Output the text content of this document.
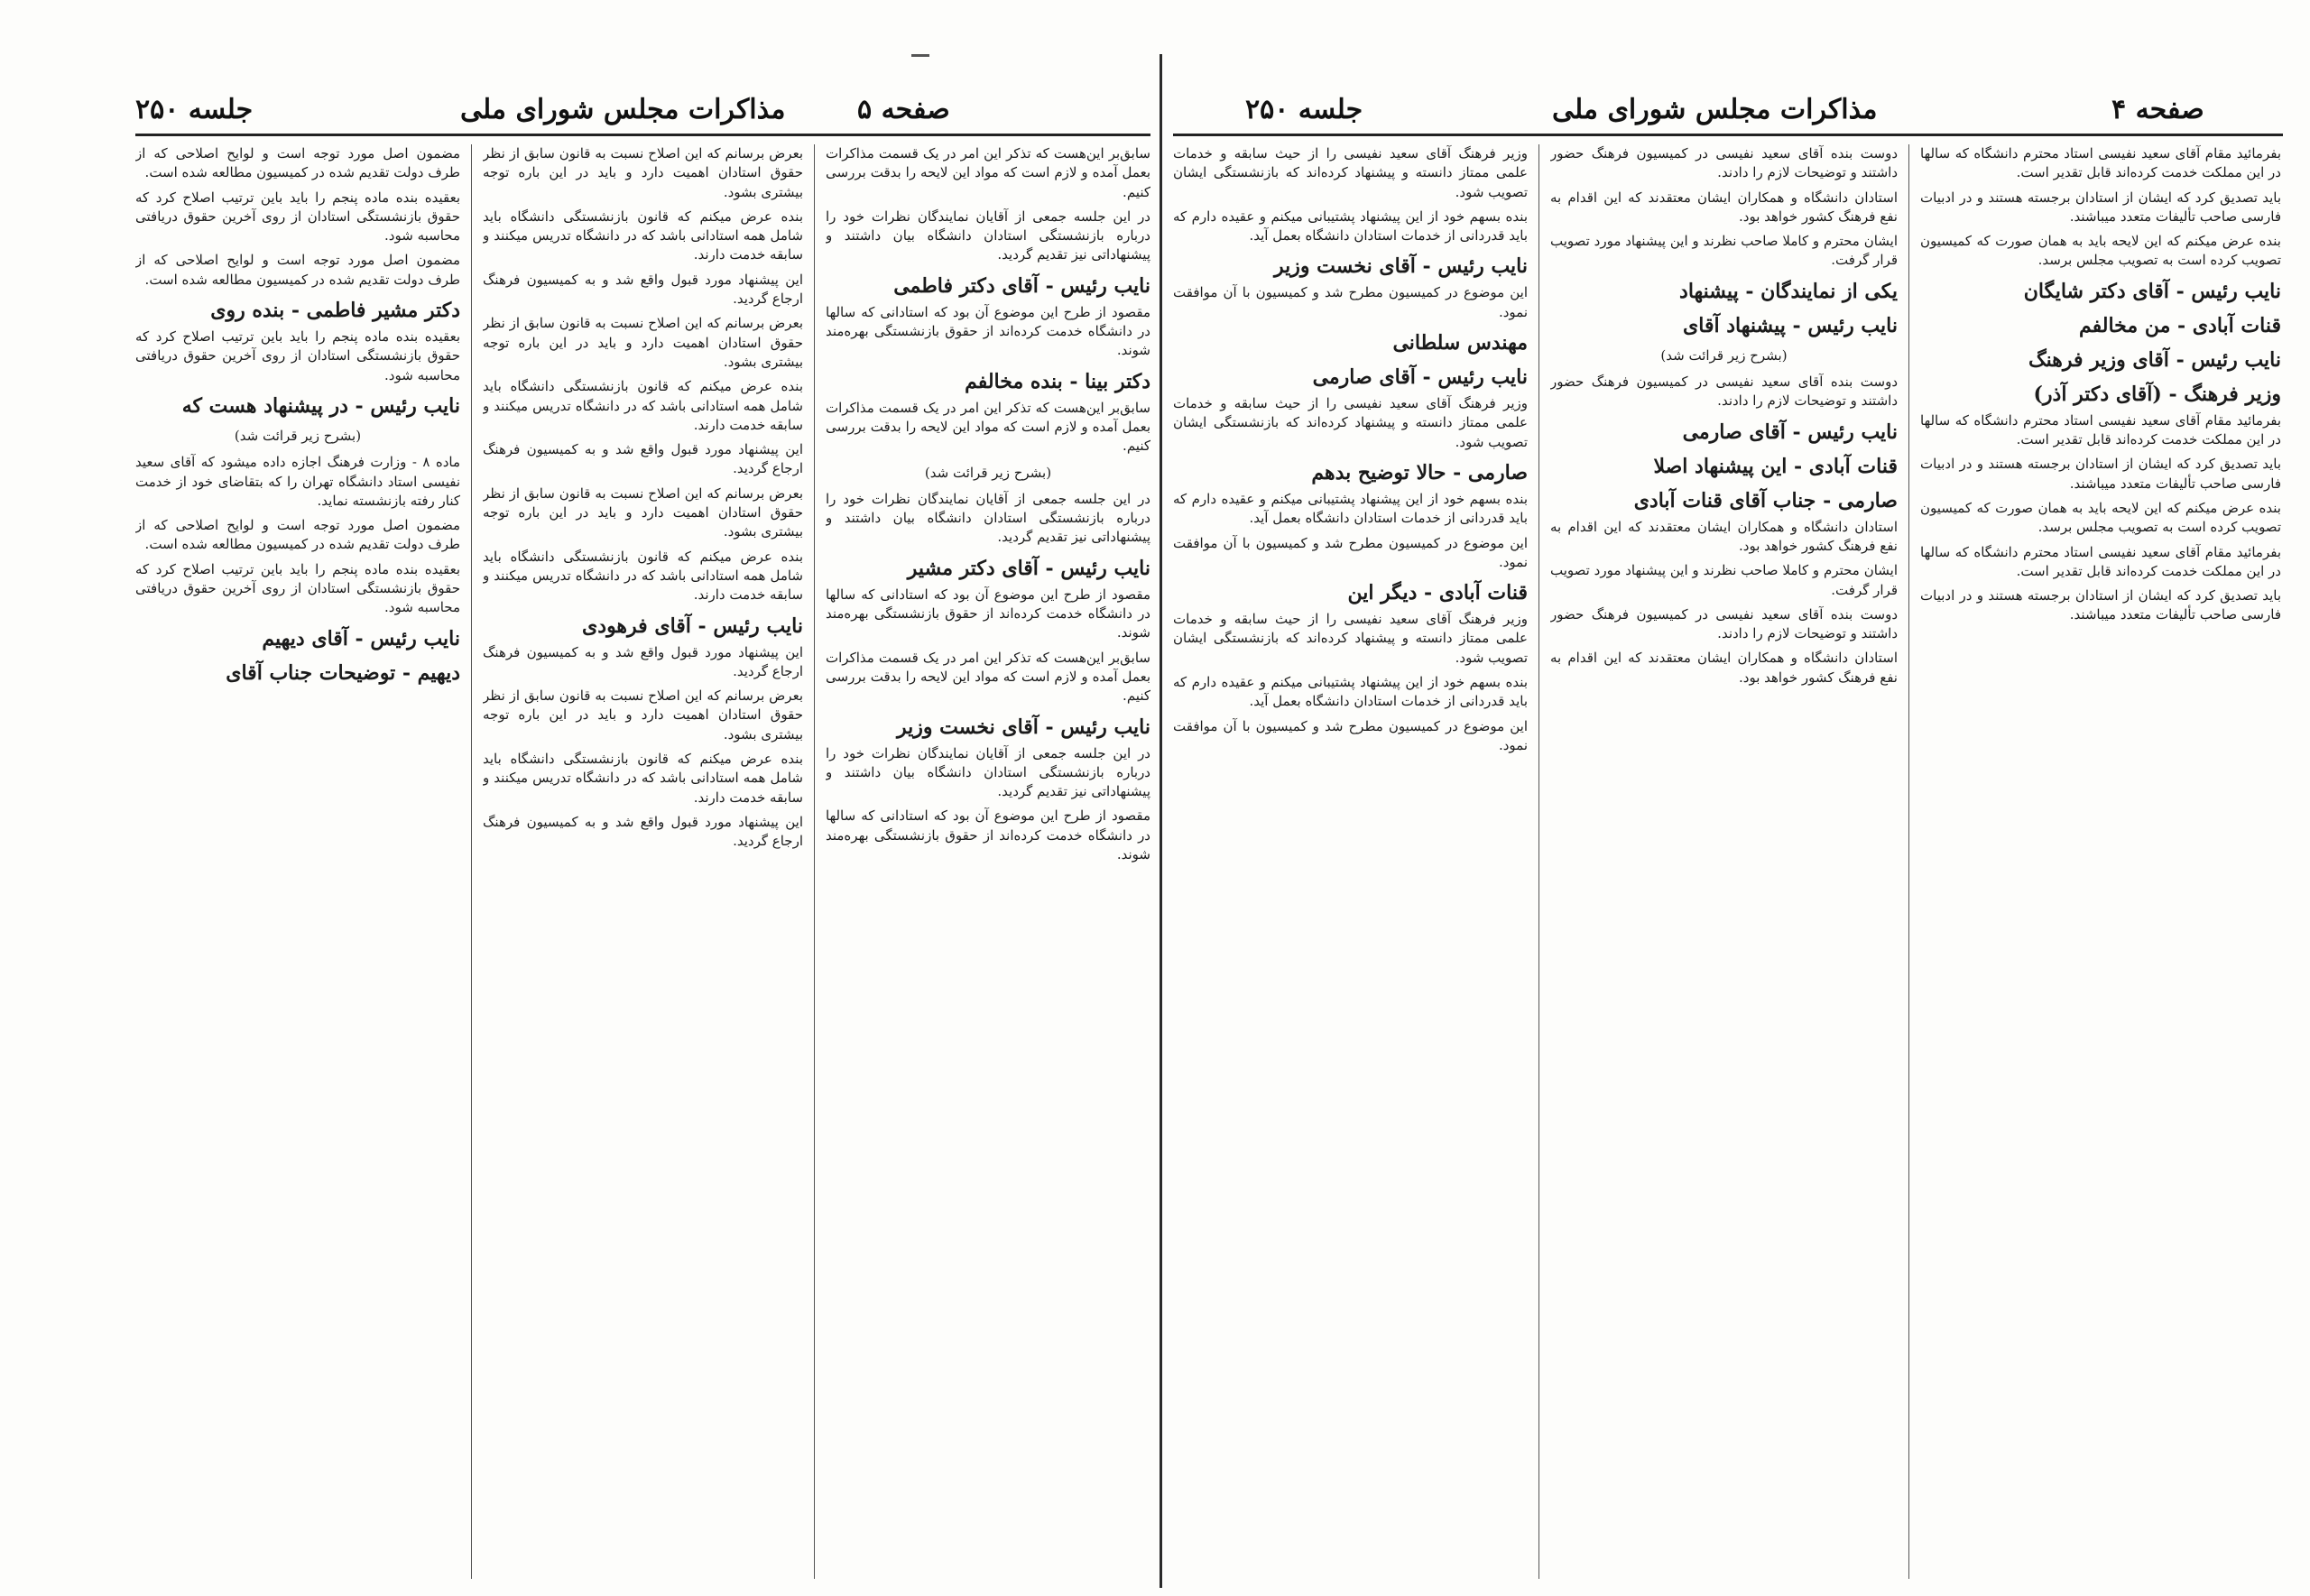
جلسه ۲۵۰	مذاکرات مجلس شورای ملی	صفحه ۵

سابق‌بر این‌هست که تذکر این امر در یک قسمت مذاکرات بعمل آمده و لازم است که مواد این لایحه را بدقت بررسی کنیم.

در این جلسه جمعی از آقایان نمایندگان نظرات خود را درباره بازنشستگی استادان دانشگاه بیان داشتند و پیشنهاداتی نیز تقدیم گردید.

نایب رئیس - آقای دکتر فاطمی

مقصود از طرح این موضوع آن بود که استادانی که سالها در دانشگاه خدمت کرده‌اند از حقوق بازنشستگی بهره‌مند شوند.

دکتر بینا - بنده مخالفم

سابق‌بر این‌هست که تذکر این امر در یک قسمت مذاکرات بعمل آمده و لازم است که مواد این لایحه را بدقت بررسی کنیم.

(بشرح زیر قرائت شد)

در این جلسه جمعی از آقایان نمایندگان نظرات خود را درباره بازنشستگی استادان دانشگاه بیان داشتند و پیشنهاداتی نیز تقدیم گردید.

نایب رئیس - آقای دکتر مشیر

مقصود از طرح این موضوع آن بود که استادانی که سالها در دانشگاه خدمت کرده‌اند از حقوق بازنشستگی بهره‌مند شوند.

سابق‌بر این‌هست که تذکر این امر در یک قسمت مذاکرات بعمل آمده و لازم است که مواد این لایحه را بدقت بررسی کنیم.

نایب رئیس - آقای نخست وزیر

در این جلسه جمعی از آقایان نمایندگان نظرات خود را درباره بازنشستگی استادان دانشگاه بیان داشتند و پیشنهاداتی نیز تقدیم گردید.

مقصود از طرح این موضوع آن بود که استادانی که سالها در دانشگاه خدمت کرده‌اند از حقوق بازنشستگی بهره‌مند شوند.

بعرض برسانم که این اصلاح نسبت به قانون سابق از نظر حقوق استادان اهمیت دارد و باید در این باره توجه بیشتری بشود.

بنده عرض میکنم که قانون بازنشستگی دانشگاه باید شامل همه استادانی باشد که در دانشگاه تدریس میکنند و سابقه خدمت دارند.

این پیشنهاد مورد قبول واقع شد و به کمیسیون فرهنگ ارجاع گردید.

بعرض برسانم که این اصلاح نسبت به قانون سابق از نظر حقوق استادان اهمیت دارد و باید در این باره توجه بیشتری بشود.

بنده عرض میکنم که قانون بازنشستگی دانشگاه باید شامل همه استادانی باشد که در دانشگاه تدریس میکنند و سابقه خدمت دارند.

این پیشنهاد مورد قبول واقع شد و به کمیسیون فرهنگ ارجاع گردید.

بعرض برسانم که این اصلاح نسبت به قانون سابق از نظر حقوق استادان اهمیت دارد و باید در این باره توجه بیشتری بشود.

بنده عرض میکنم که قانون بازنشستگی دانشگاه باید شامل همه استادانی باشد که در دانشگاه تدریس میکنند و سابقه خدمت دارند.

نایب رئیس - آقای فرهودی

این پیشنهاد مورد قبول واقع شد و به کمیسیون فرهنگ ارجاع گردید.

بعرض برسانم که این اصلاح نسبت به قانون سابق از نظر حقوق استادان اهمیت دارد و باید در این باره توجه بیشتری بشود.

بنده عرض میکنم که قانون بازنشستگی دانشگاه باید شامل همه استادانی باشد که در دانشگاه تدریس میکنند و سابقه خدمت دارند.

این پیشنهاد مورد قبول واقع شد و به کمیسیون فرهنگ ارجاع گردید.

مضمون اصل مورد توجه است و لوایح اصلاحی که از طرف دولت تقدیم شده در کمیسیون مطالعه شده است.

بعقیده بنده ماده پنجم را باید باین ترتیب اصلاح کرد که حقوق بازنشستگی استادان از روی آخرین حقوق دریافتی محاسبه شود.

مضمون اصل مورد توجه است و لوایح اصلاحی که از طرف دولت تقدیم شده در کمیسیون مطالعه شده است.

دکتر مشیر فاطمی - بنده روی

بعقیده بنده ماده پنجم را باید باین ترتیب اصلاح کرد که حقوق بازنشستگی استادان از روی آخرین حقوق دریافتی محاسبه شود.

نایب رئیس - در پیشنهاد هست که
(بشرح زیر قرائت شد)

ماده ۸ - وزارت فرهنگ اجازه داده میشود که آقای سعید نفیسی استاد دانشگاه تهران را که بتقاضای خود از خدمت کنار رفته بازنشسته نماید.

مضمون اصل مورد توجه است و لوایح اصلاحی که از طرف دولت تقدیم شده در کمیسیون مطالعه شده است.

بعقیده بنده ماده پنجم را باید باین ترتیب اصلاح کرد که حقوق بازنشستگی استادان از روی آخرین حقوق دریافتی محاسبه شود.

نایب رئیس - آقای دیهیم
دیهیم - توضیحات جناب آقای
جلسه ۲۵۰	مذاکرات مجلس شورای ملی	صفحه ۴

بفرمائید مقام آقای سعید نفیسی استاد محترم دانشگاه که سالها در این مملکت خدمت کرده‌اند قابل تقدیر است.

باید تصدیق کرد که ایشان از استادان برجسته هستند و در ادبیات فارسی صاحب تألیفات متعدد میباشند.

بنده عرض میکنم که این لایحه باید به همان صورت که کمیسیون تصویب کرده است به تصویب مجلس برسد.

نایب رئیس - آقای دکتر شایگان
قنات آبادی - من مخالفم
نایب رئیس - آقای وزیر فرهنگ
وزیر فرهنگ - (آقای دکتر آذر)

بفرمائید مقام آقای سعید نفیسی استاد محترم دانشگاه که سالها در این مملکت خدمت کرده‌اند قابل تقدیر است.

باید تصدیق کرد که ایشان از استادان برجسته هستند و در ادبیات فارسی صاحب تألیفات متعدد میباشند.

بنده عرض میکنم که این لایحه باید به همان صورت که کمیسیون تصویب کرده است به تصویب مجلس برسد.

بفرمائید مقام آقای سعید نفیسی استاد محترم دانشگاه که سالها در این مملکت خدمت کرده‌اند قابل تقدیر است.

باید تصدیق کرد که ایشان از استادان برجسته هستند و در ادبیات فارسی صاحب تألیفات متعدد میباشند.

دوست بنده آقای سعید نفیسی در کمیسیون فرهنگ حضور داشتند و توضیحات لازم را دادند.

استادان دانشگاه و همکاران ایشان معتقدند که این اقدام به نفع فرهنگ کشور خواهد بود.

ایشان محترم و کاملا صاحب نظرند و این پیشنهاد مورد تصویب قرار گرفت.

یکی از نمایندگان - پیشنهاد
نایب رئیس - پیشنهاد آقای
(بشرح زیر قرائت شد)

دوست بنده آقای سعید نفیسی در کمیسیون فرهنگ حضور داشتند و توضیحات لازم را دادند.

نایب رئیس - آقای صارمی
قنات آبادی - این پیشنهاد اصلا
صارمی - جناب آقای قنات آبادی

استادان دانشگاه و همکاران ایشان معتقدند که این اقدام به نفع فرهنگ کشور خواهد بود.

ایشان محترم و کاملا صاحب نظرند و این پیشنهاد مورد تصویب قرار گرفت.

دوست بنده آقای سعید نفیسی در کمیسیون فرهنگ حضور داشتند و توضیحات لازم را دادند.

استادان دانشگاه و همکاران ایشان معتقدند که این اقدام به نفع فرهنگ کشور خواهد بود.

وزیر فرهنگ آقای سعید نفیسی را از حیث سابقه و خدمات علمی ممتاز دانسته و پیشنهاد کرده‌اند که بازنشستگی ایشان تصویب شود.

بنده بسهم خود از این پیشنهاد پشتیبانی میکنم و عقیده دارم که باید قدردانی از خدمات استادان دانشگاه بعمل آید.

نایب رئیس - آقای نخست وزیر

این موضوع در کمیسیون مطرح شد و کمیسیون با آن موافقت نمود.

مهندس سلطانی
نایب رئیس - آقای صارمی

وزیر فرهنگ آقای سعید نفیسی را از حیث سابقه و خدمات علمی ممتاز دانسته و پیشنهاد کرده‌اند که بازنشستگی ایشان تصویب شود.

صارمی - حالا توضیح بدهم

بنده بسهم خود از این پیشنهاد پشتیبانی میکنم و عقیده دارم که باید قدردانی از خدمات استادان دانشگاه بعمل آید.

این موضوع در کمیسیون مطرح شد و کمیسیون با آن موافقت نمود.

قنات آبادی - دیگر این

وزیر فرهنگ آقای سعید نفیسی را از حیث سابقه و خدمات علمی ممتاز دانسته و پیشنهاد کرده‌اند که بازنشستگی ایشان تصویب شود.

بنده بسهم خود از این پیشنهاد پشتیبانی میکنم و عقیده دارم که باید قدردانی از خدمات استادان دانشگاه بعمل آید.

این موضوع در کمیسیون مطرح شد و کمیسیون با آن موافقت نمود.
